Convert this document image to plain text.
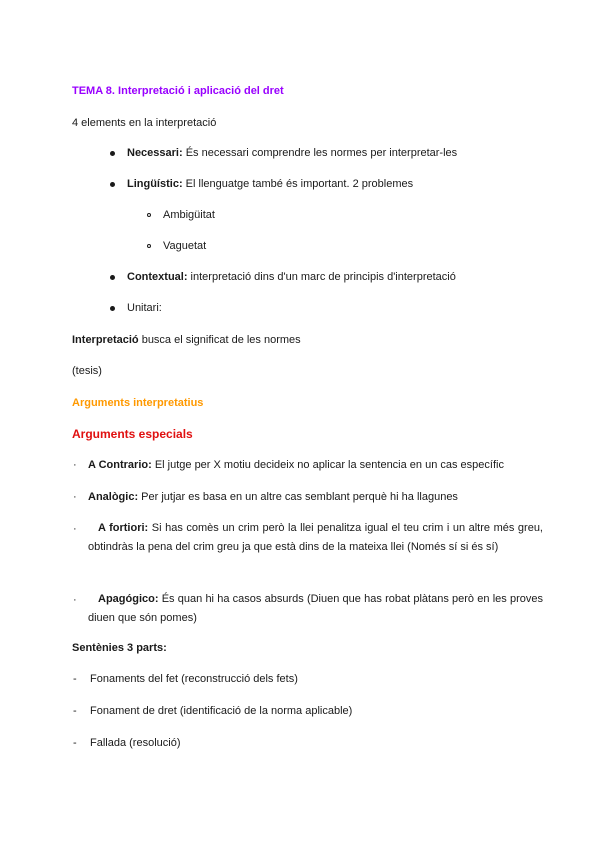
TEMA 8. Interpretació i aplicació del dret
4 elements en la interpretació
Necessari: És necessari comprendre les normes per interpretar-les
Lingüístic: El llenguatge també és important. 2 problemes
Ambigüitat
Vaguetat
Contextual: interpretació dins d'un marc de principis d'interpretació
Unitari:
Interpretació busca el significat de les normes
(tesis)
Arguments interpretatius
Arguments especials
· A Contrario: El jutge per X motiu decideix no aplicar la sentencia en un cas específic
· Analògic: Per jutjar es basa en un altre cas semblant perquè hi ha llagunes
·	A fortiori: Si has comès un crim però la llei penalitza igual el teu crim i un altre més greu, obtindràs la pena del crim greu ja que està dins de la mateixa llei (Només sí si és sí)
·	Apagógico: És quan hi ha casos absurds (Diuen que has robat plàtans però en les proves diuen que són pomes)
Sentènies 3 parts:
- Fonaments del fet (reconstrucció dels fets)
- Fonament de dret (identificació de la norma aplicable)
- Fallada (resolució)
